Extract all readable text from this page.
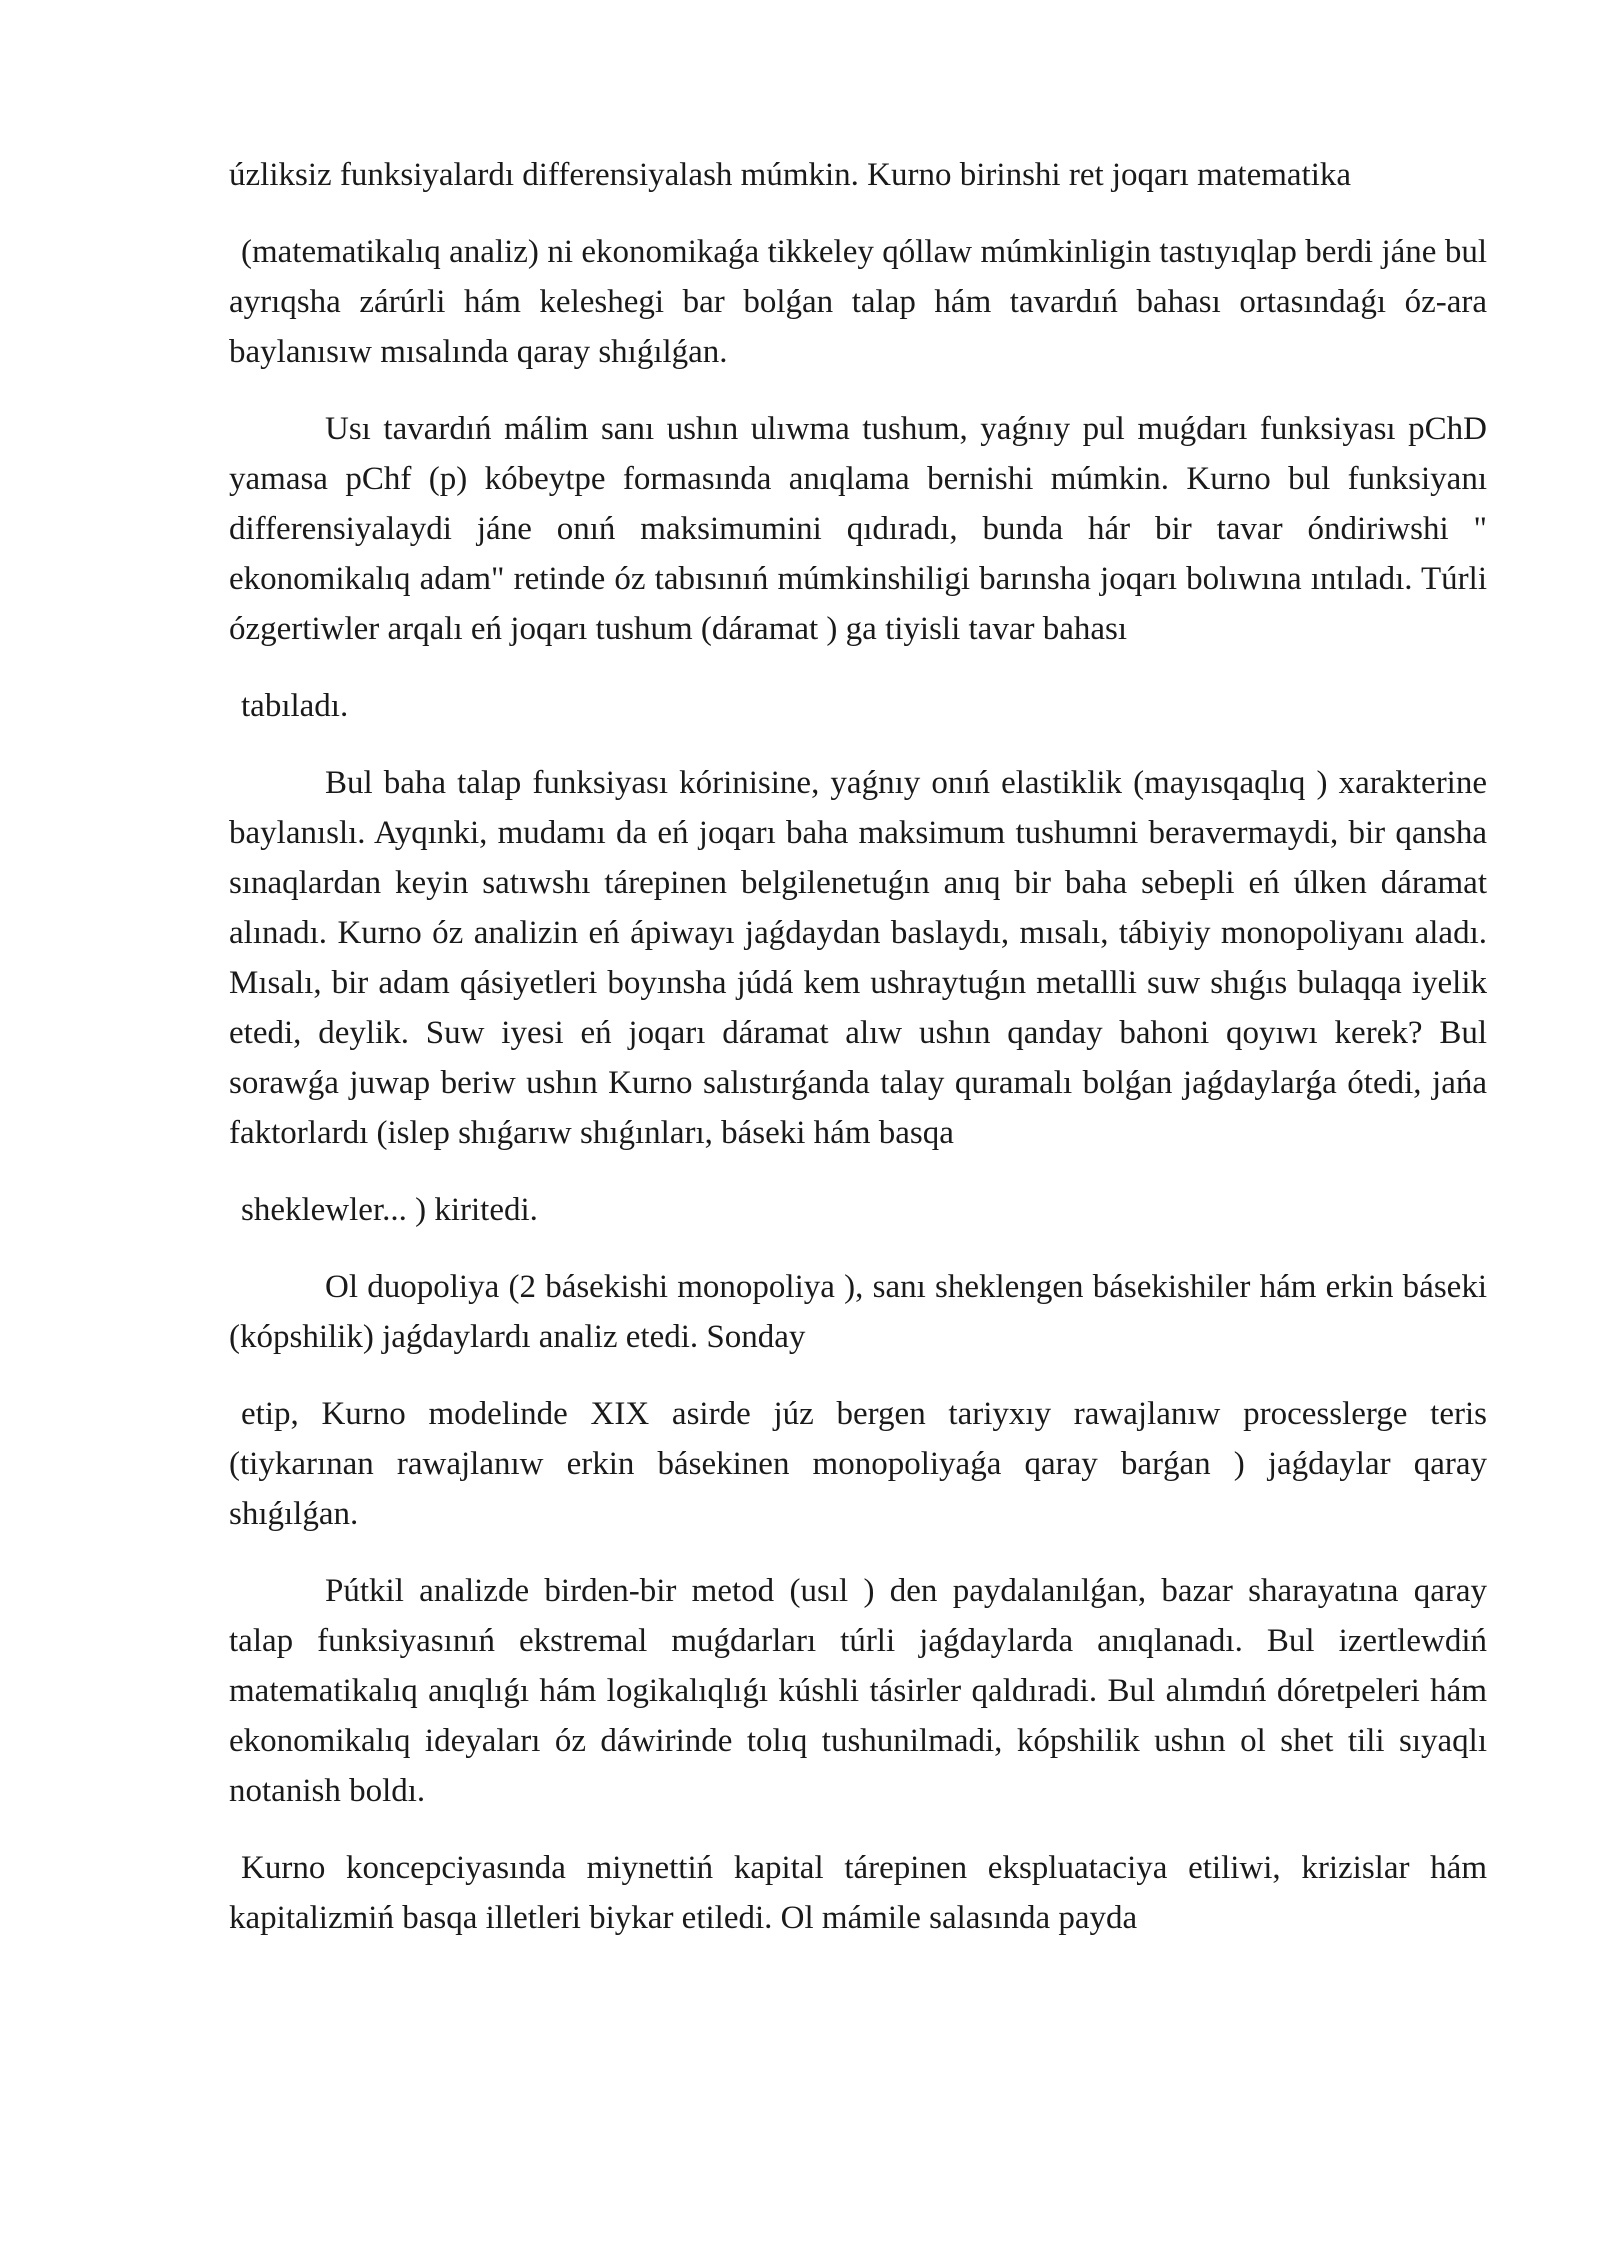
úzliksiz funksiyalardı differensiyalash múmkin. Kurno birinshi ret joqarı matematika

(matematikalıq analiz) ni ekonomikaǵa tikkeley qóllaw múmkinligin tastıyıqlap berdi jáne bul ayrıqsha zárúrli hám keleshegi bar bolǵan talap hám tavardıń bahası ortasındaǵı óz-ara baylanısıw mısalında qaray shıǵılǵan.

Usı tavardıń málim sanı ushın ulıwma tushum, yaǵnıy pul muǵdarı funksiyası pChD yamasa pChf (p) kóbeytpe formasında anıqlama bernishi múmkin. Kurno bul funksiyanı differensiyalaydi jáne onıń maksimumini qıdıradı, bunda hár bir tavar óndiriwshi " ekonomikalıq adam" retinde óz tabısınıń múmkinshiligi barınsha joqarı bolıwına ıntıladı. Túrli ózgertiwler arqalı eń joqarı tushum (dáramat ) ga tiyisli tavar bahası

tabıladı.

Bul baha talap funksiyası kórinisine, yaǵnıy onıń elastiklik (mayısqaqlıq ) xarakterine baylanıslı. Ayqınki, mudamı da eń joqarı baha maksimum tushumni beravermaydi, bir qansha sınaqlardan keyin satıwshı tárepinen belgilenetuǵın anıq bir baha sebepli eń úlken dáramat alınadı. Kurno óz analizin eń ápiwayı jaǵdaydan baslaydı, mısalı, tábiyiy monopoliyanı aladı. Mısalı, bir adam qásiyetleri boyınsha júdá kem ushraytuǵın metallli suw shıǵıs bulaqqa iyelik etedi, deylik. Suw iyesi eń joqarı dáramat alıw ushın qanday bahoni qoyıwı kerek? Bul sorawǵa juwap beriw ushın Kurno salıstırǵanda talay quramalı bolǵan jaǵdaylarǵa ótedi, jańa faktorlardı (islep shıǵarıw shıǵınları, báseki hám basqa

sheklewler... ) kiritedi.

Ol duopoliya (2 básekishi monopoliya ), sanı sheklengen básekishiler hám erkin báseki (kópshilik) jaǵdaylardı analiz etedi. Sonday

etip, Kurno modelinde XIX asirde júz bergen tariyxıy rawajlanıw processlerge teris (tiykarınan rawajlanıw erkin básekinen monopoliyaǵa qaray barǵan ) jaǵdaylar qaray shıǵılǵan.

Pútkil analizde birden-bir metod (usıl ) den paydalanılǵan, bazar sharayatına qaray talap funksiyasınıń ekstremal muǵdarları túrli jaǵdaylarda anıqlanadı. Bul izertlewdiń matematikalıq anıqlıǵı hám logikalıqlıǵı kúshli tásirler qaldıradi. Bul alımdıń dóretpeleri hám ekonomikalıq ideyaları óz dáwirinde tolıq tushunilmadi, kópshilik ushın ol shet tili sıyaqlı notanish boldı.

Kurno koncepciyasında miynettiń kapital tárepinen ekspluataciya etiliwi, krizislar hám kapitalizmiń basqa illetleri biykar etiledi. Ol mámile salasında payda
